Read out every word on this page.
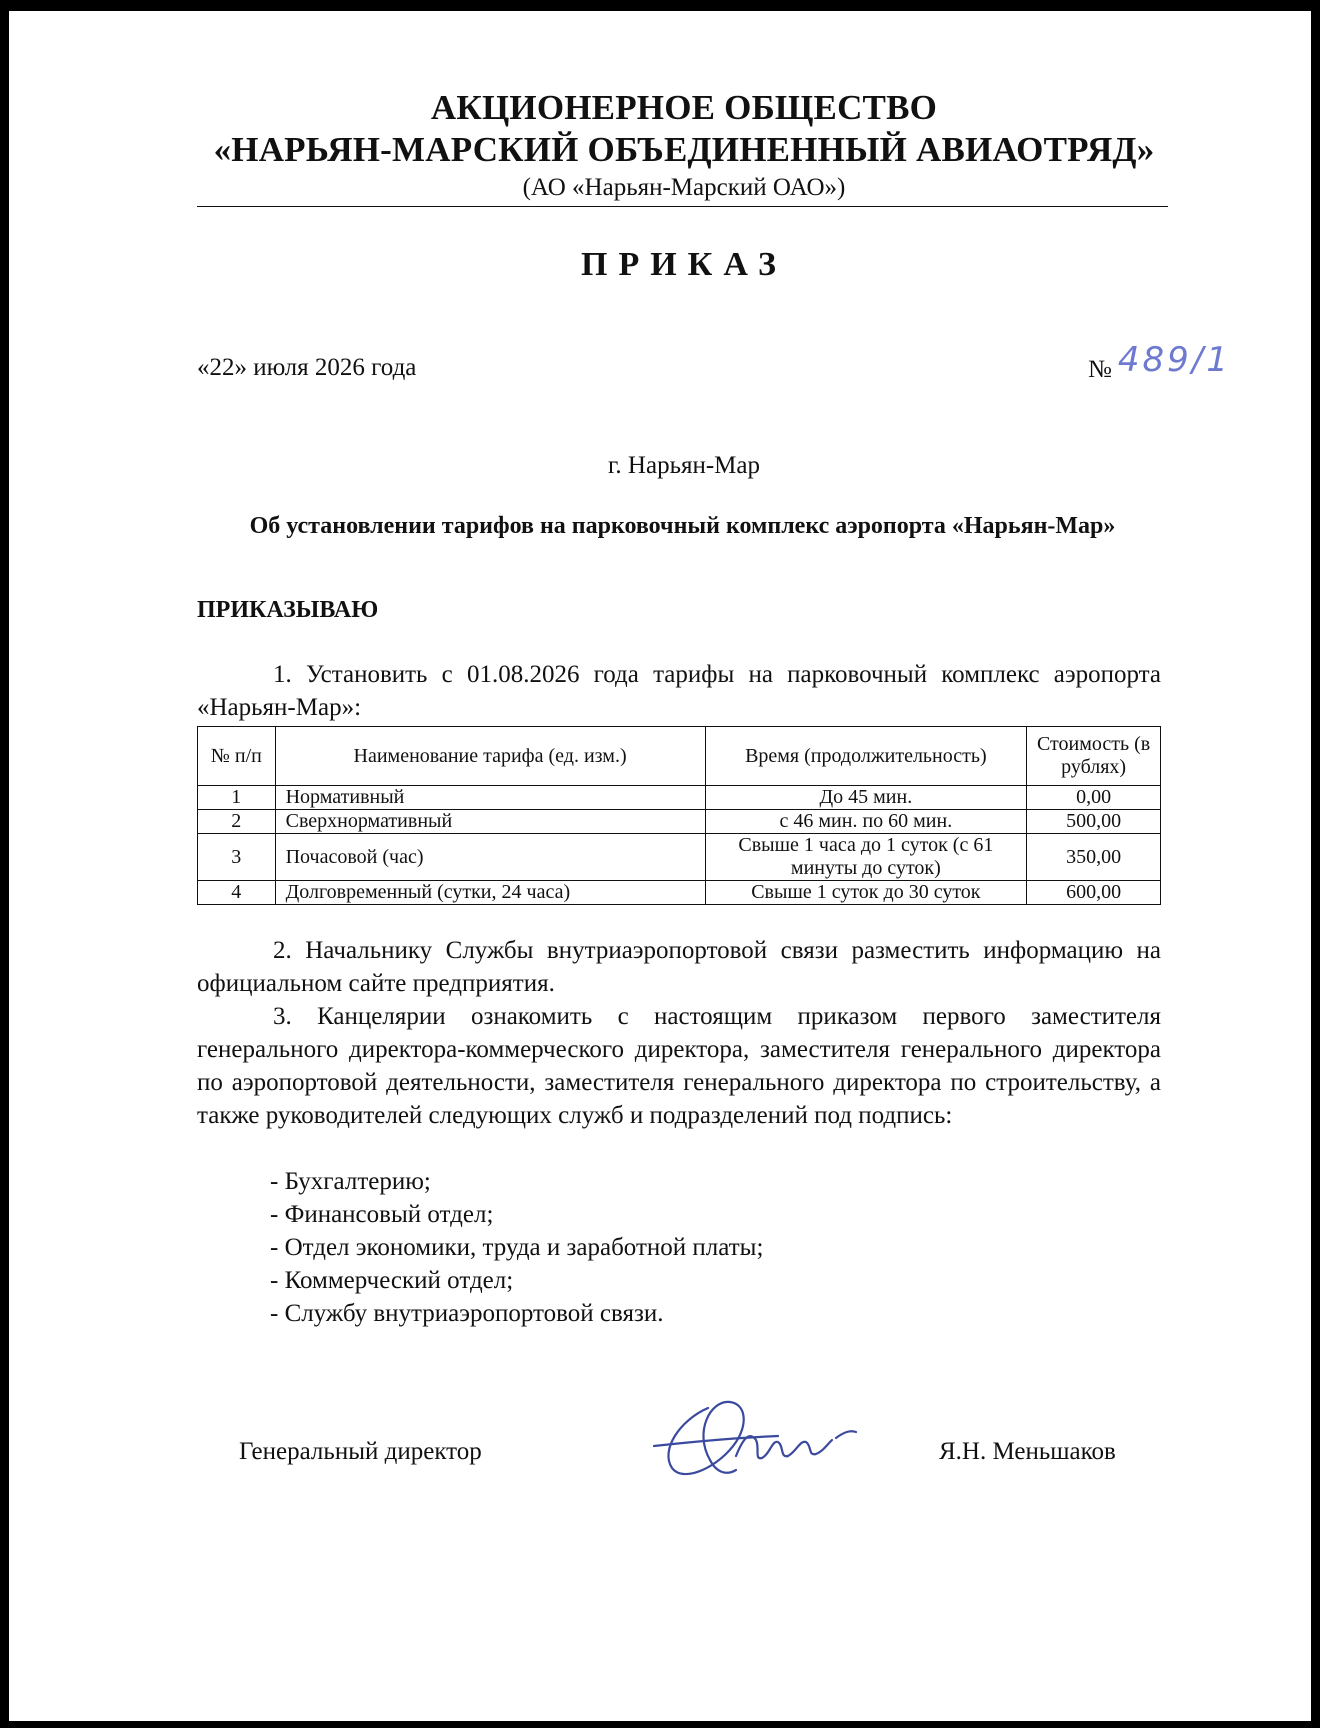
АКЦИОНЕРНОЕ ОБЩЕСТВО
«НАРЬЯН-МАРСКИЙ ОБЪЕДИНЕННЫЙ АВИАОТРЯД»
(АО «Нарьян-Марский ОАО»)
ПРИКАЗ
«22» июля 2026 года	№ 489/1
г. Нарьян-Мар
Об установлении тарифов на парковочный комплекс аэропорта «Нарьян-Мар»
ПРИКАЗЫВАЮ
1. Установить с 01.08.2026 года тарифы на парковочный комплекс аэропорта «Нарьян-Мар»:
№ п/п	Наименование тарифа (ед. изм.)	Время (продолжительность)	Стоимость (в рублях)
1	Нормативный	До 45 мин.	0,00
2	Сверхнормативный	с 46 мин. по 60 мин.	500,00
3	Почасовой (час)	Свыше 1 часа до 1 суток (с 61 минуты до суток)	350,00
4	Долговременный (сутки, 24 часа)	Свыше 1 суток до 30 суток	600,00
2. Начальнику Службы внутриаэропортовой связи разместить информацию на официальном сайте предприятия.
3. Канцелярии ознакомить с настоящим приказом первого заместителя генерального директора-коммерческого директора, заместителя генерального директора по аэропортовой деятельности, заместителя генерального директора по строительству, а также руководителей следующих служб и подразделений под подпись:
- Бухгалтерию;
- Финансовый отдел;
- Отдел экономики, труда и заработной платы;
- Коммерческий отдел;
- Службу внутриаэропортовой связи.
Генеральный директор	Я.Н. Меньшаков
